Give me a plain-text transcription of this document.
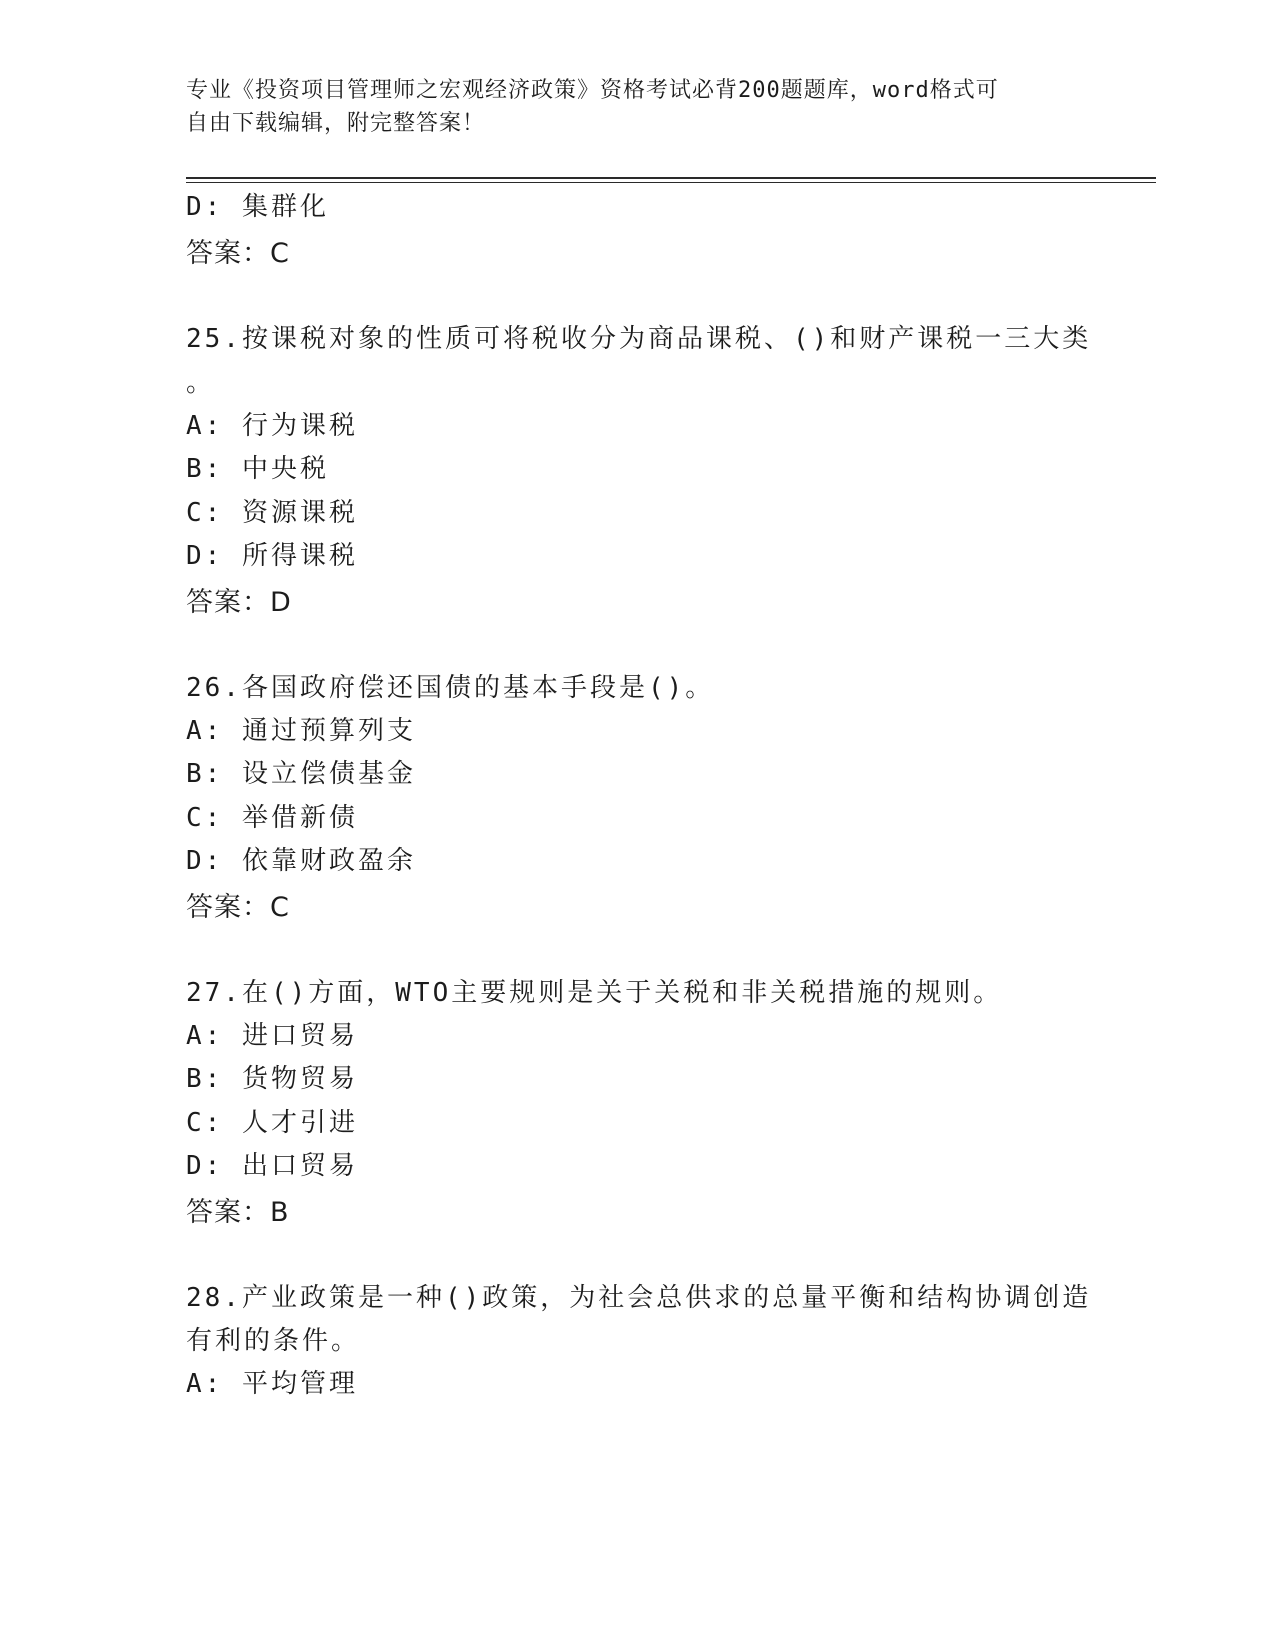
专业《投资项目管理师之宏观经济政策》资格考试必背200题题库，word格式可
自由下载编辑，附完整答案！
D: 集群化
答案：C
25.按课税对象的性质可将税收分为商品课税、()和财产课税一三大类
。
A: 行为课税
B: 中央税
C: 资源课税
D: 所得课税
答案：D
26.各国政府偿还国债的基本手段是()。
A: 通过预算列支
B: 设立偿债基金
C: 举借新债
D: 依靠财政盈余
答案：C
27.在()方面，WTO主要规则是关于关税和非关税措施的规则。
A: 进口贸易
B: 货物贸易
C: 人才引进
D: 出口贸易
答案：B
28.产业政策是一种()政策，为社会总供求的总量平衡和结构协调创造
有利的条件。
A: 平均管理
